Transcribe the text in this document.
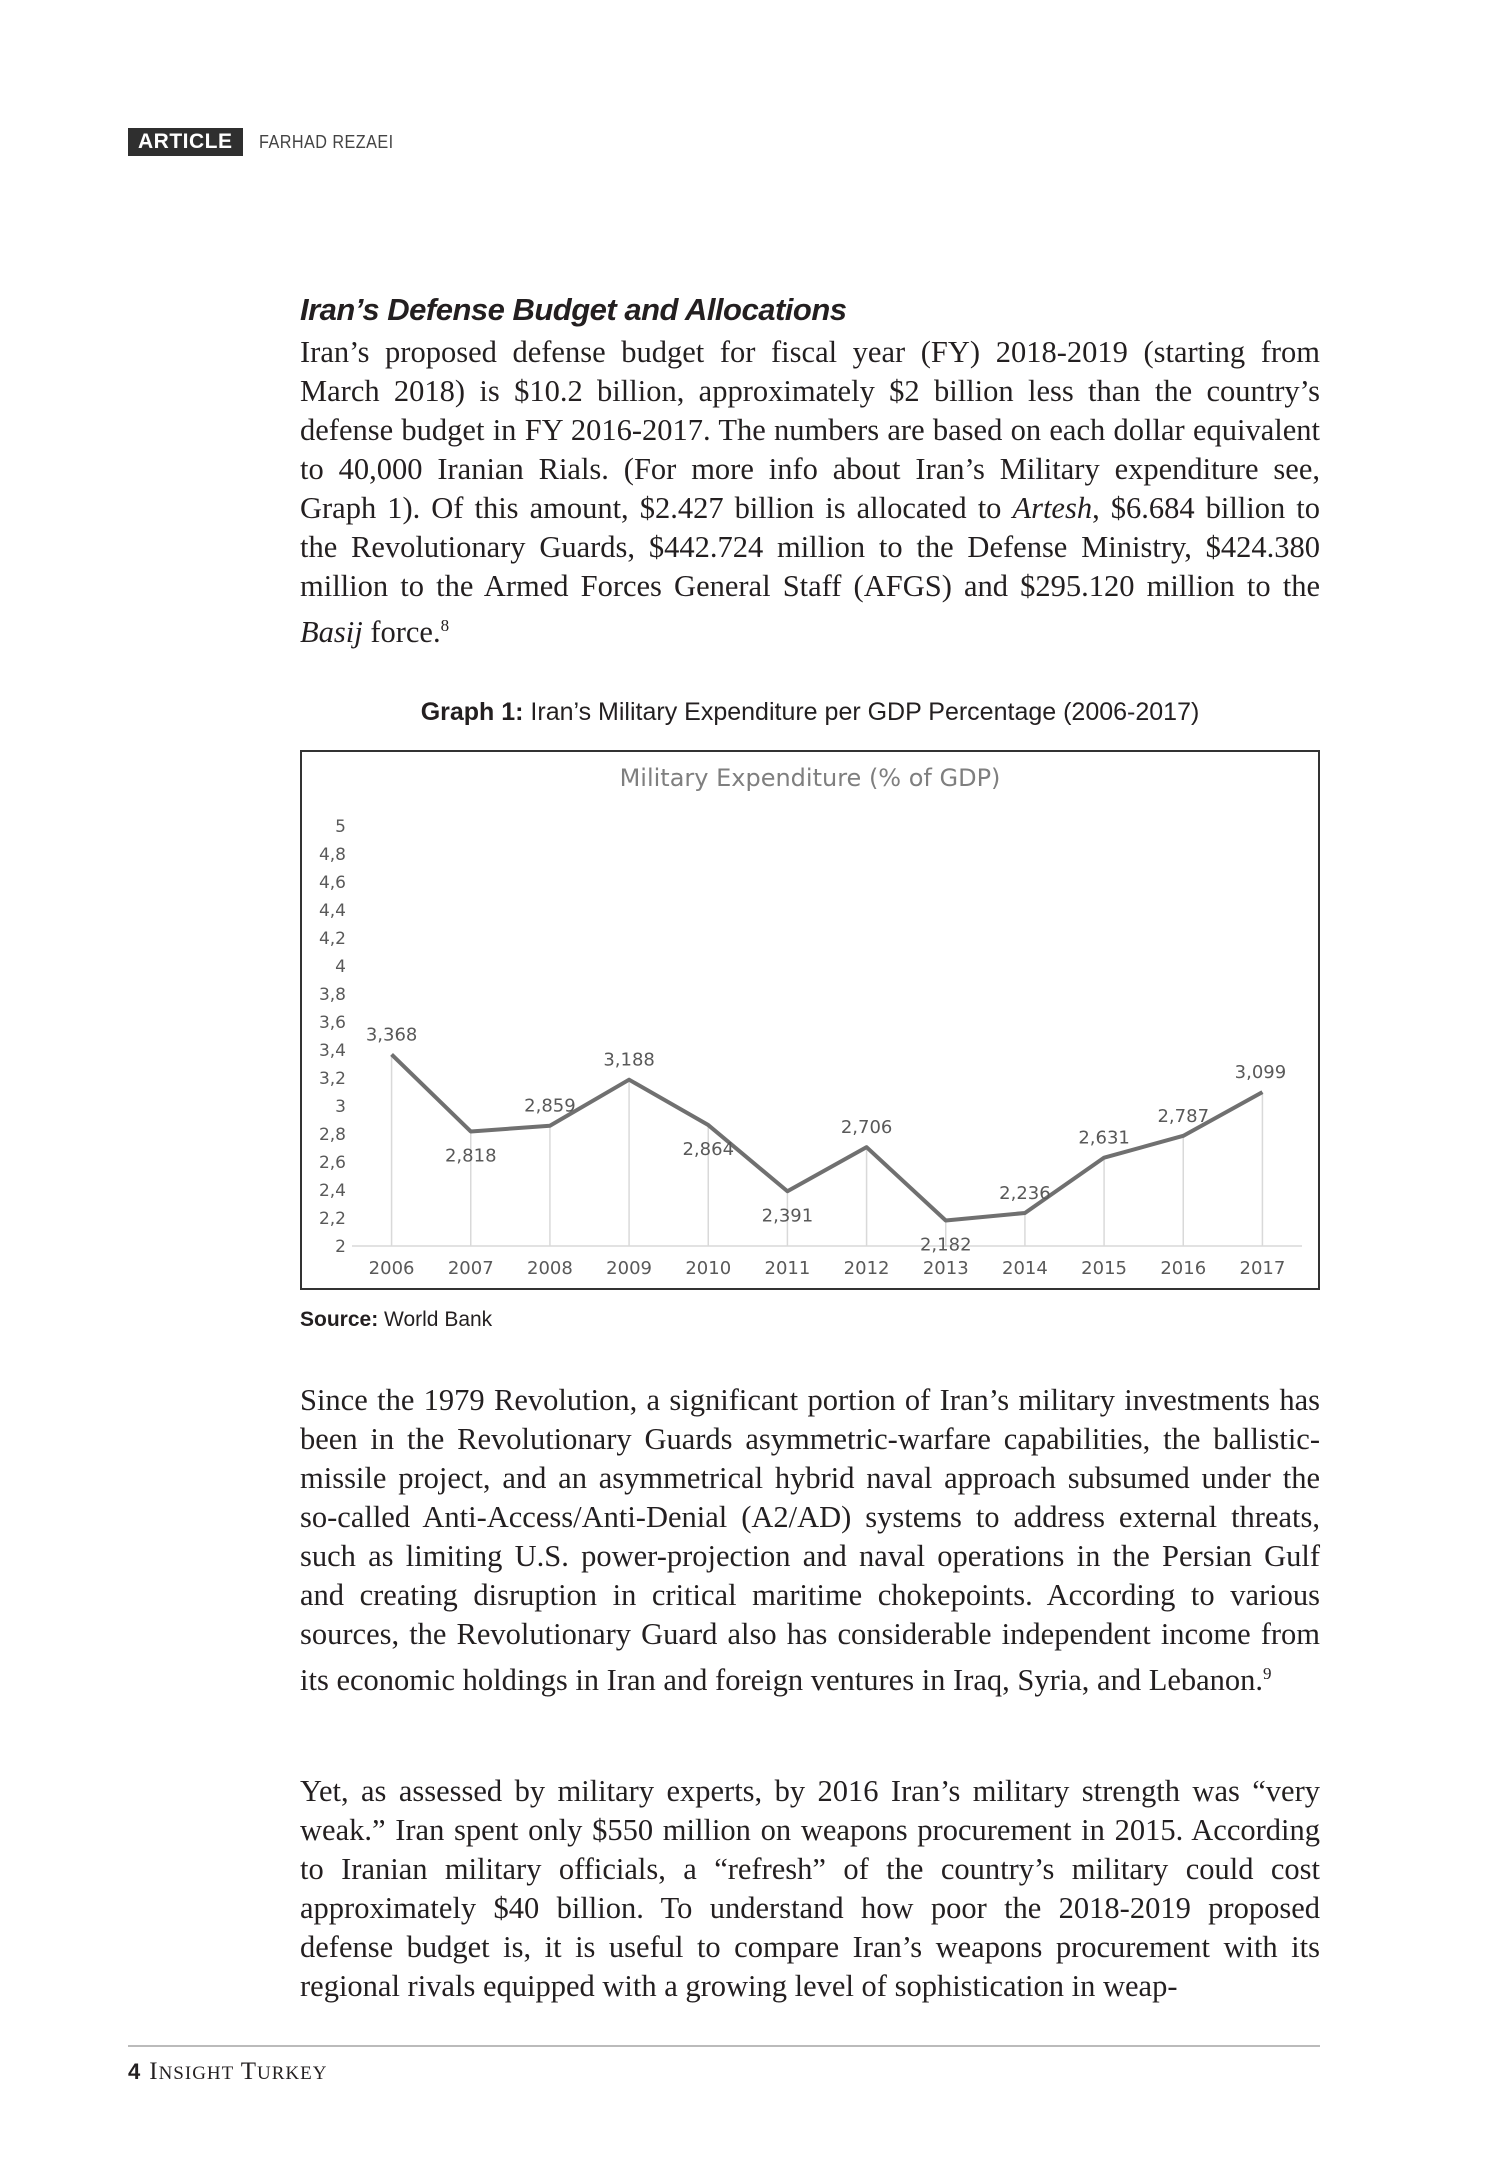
ARTICLE	FARHAD REZAEI
Iran’s Defense Budget and Allocations
Iran’s proposed defense budget for fiscal year (FY) 2018-2019 (starting from March 2018) is $10.2 billion, approximately $2 billion less than the country’s defense budget in FY 2016-2017. The numbers are based on each dollar equivalent to 40,000 Iranian Rials. (For more info about Iran’s Military expenditure see, Graph 1). Of this amount, $2.427 billion is allocated to Artesh, $6.684 billion to the Revolutionary Guards, $442.724 million to the Defense Ministry, $424.380 million to the Armed Forces General Staff (AFGS) and $295.120 million to the Basij force.$^8$
Graph 1: Iran’s Military Expenditure per GDP Percentage (2006-2017)
Military Expenditure (% of GDP)
2
2,2
2,4
2,6
2,8
3
3,2
3,4
3,6
3,8
4
4,2
4,4
4,6
4,8
5
2006 2007 2008 2009 2010 2011 2012 2013 2014 2015 2016 2017
3,368
2,818
2,859
3,188
2,864
2,391
2,706
2,182
2,236
2,631
2,787
3,099
Source: World Bank
Since the 1979 Revolution, a significant portion of Iran’s military investments has been in the Revolutionary Guards asymmetric-warfare capabilities, the ballistic-missile project, and an asymmetrical hybrid naval approach subsumed under the so-called Anti-Access/Anti-Denial (A2/AD) systems to address external threats, such as limiting U.S. power-projection and naval operations in the Persian Gulf and creating disruption in critical maritime chokepoints. According to various sources, the Revolutionary Guard also has considerable independent income from its economic holdings in Iran and foreign ventures in Iraq, Syria, and Lebanon.$^9$
Yet, as assessed by military experts, by 2016 Iran’s military strength was “very weak.” Iran spent only $550 million on weapons procurement in 2015. According to Iranian military officials, a “refresh” of the country’s military could cost approximately $40 billion. To understand how poor the 2018-2019 proposed defense budget is, it is useful to compare Iran’s weapons procurement with its regional rivals equipped with a growing level of sophistication in weap-
4 INSIGHT TURKEY
